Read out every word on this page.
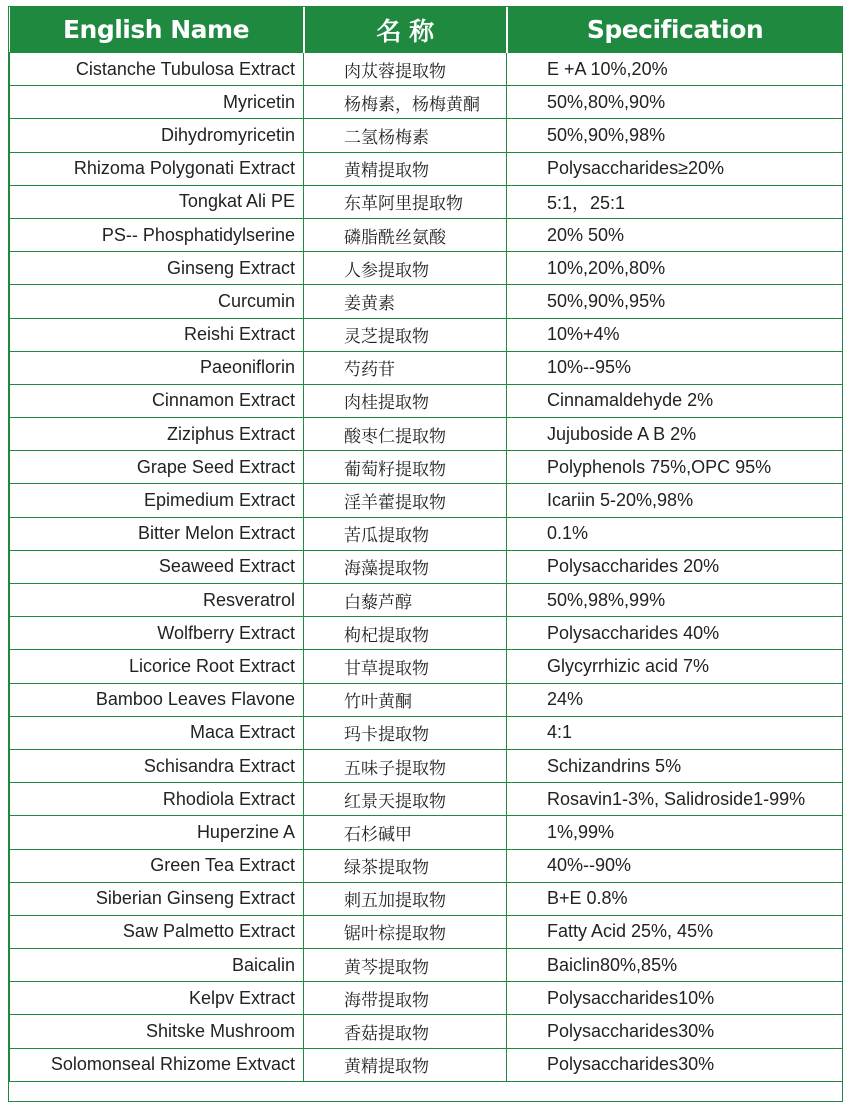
English Name	名 称	Specification
Cistanche Tubulosa Extract	肉苁蓉提取物	E +A 10%,20%
Myricetin	杨梅素，杨梅黄酮	50%,80%,90%
Dihydromyricetin	二氢杨梅素	50%,90%,98%
Rhizoma Polygonati Extract	黄精提取物	Polysaccharides≥20%
Tongkat Ali PE	东革阿里提取物	5:1，25:1
PS-- Phosphatidylserine	磷脂酰丝氨酸	20% 50%
Ginseng Extract	人参提取物	10%,20%,80%
Curcumin	姜黄素	50%,90%,95%
Reishi Extract	灵芝提取物	10%+4%
Paeoniflorin	芍药苷	10%--95%
Cinnamon Extract	肉桂提取物	Cinnamaldehyde 2%
Ziziphus Extract	酸枣仁提取物	Jujuboside A B 2%
Grape Seed Extract	葡萄籽提取物	Polyphenols 75%,OPC 95%
Epimedium Extract	淫羊藿提取物	Icariin 5-20%,98%
Bitter Melon Extract	苦瓜提取物	0.1%
Seaweed Extract	海藻提取物	Polysaccharides 20%
Resveratrol	白藜芦醇	50%,98%,99%
Wolfberry Extract	枸杞提取物	Polysaccharides 40%
Licorice Root Extract	甘草提取物	Glycyrrhizic acid 7%
Bamboo Leaves Flavone	竹叶黄酮	24%
Maca Extract	玛卡提取物	4:1
Schisandra Extract	五味子提取物	Schizandrins 5%
Rhodiola Extract	红景天提取物	Rosavin1-3%, Salidroside1-99%
Huperzine A	石杉碱甲	1%,99%
Green Tea Extract	绿茶提取物	40%--90%
Siberian Ginseng Extract	刺五加提取物	B+E 0.8%
Saw Palmetto Extract	锯叶棕提取物	Fatty Acid 25%, 45%
Baicalin	黄芩提取物	Baiclin80%,85%
Kelpv Extract	海带提取物	Polysaccharides10%
Shitske Mushroom	香菇提取物	Polysaccharides30%
Solomonseal Rhizome Extvact	黄精提取物	Polysaccharides30%
